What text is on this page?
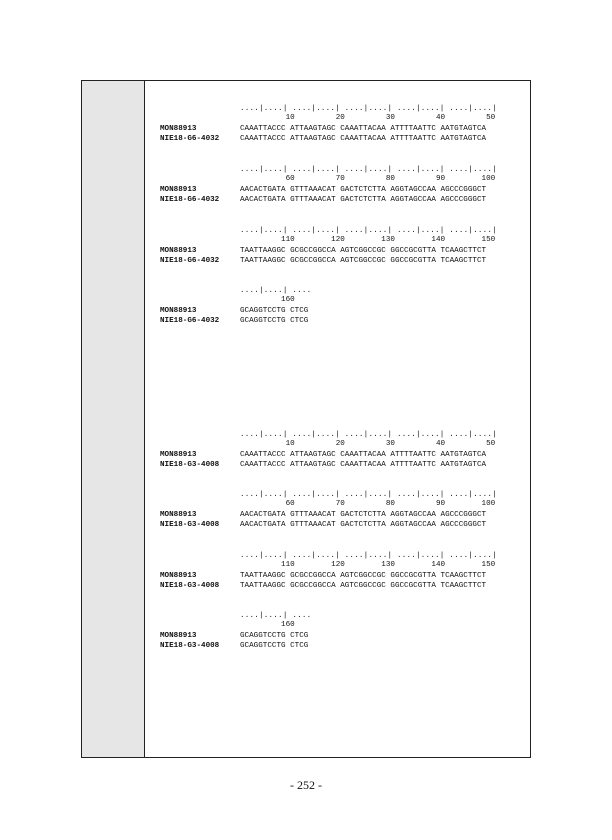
....|....| ....|....| ....|....| ....|....| ....|....|
10         20         30         40         50
MON88913	CAAATTACCC ATTAAGTAGC CAAATTACAA ATTTTAATTC AATGTAGTCA
NIE18-G6-4032	CAAATTACCC ATTAAGTAGC CAAATTACAA ATTTTAATTC AATGTAGTCA
....|....| ....|....| ....|....| ....|....| ....|....|
60         70         80         90        100
MON88913	AACACTGATA GTTTAAACAT GACTCTCTTA AGGTAGCCAA AGCCCGGGCT
NIE18-G6-4032	AACACTGATA GTTTAAACAT GACTCTCTTA AGGTAGCCAA AGCCCGGGCT
....|....| ....|....| ....|....| ....|....| ....|....|
110        120        130        140        150
MON88913	TAATTAAGGC GCGCCGGCCA AGTCGGCCGC GGCCGCGTTA TCAAGCTTCT
NIE18-G6-4032	TAATTAAGGC GCGCCGGCCA AGTCGGCCGC GGCCGCGTTA TCAAGCTTCT
....|....| ....
160
MON88913	GCAGGTCCTG CTCG
NIE18-G6-4032	GCAGGTCCTG CTCG
....|....| ....|....| ....|....| ....|....| ....|....|
10         20         30         40         50
MON88913	CAAATTACCC ATTAAGTAGC CAAATTACAA ATTTTAATTC AATGTAGTCA
NIE18-G3-4008	CAAATTACCC ATTAAGTAGC CAAATTACAA ATTTTAATTC AATGTAGTCA
....|....| ....|....| ....|....| ....|....| ....|....|
60         70         80         90        100
MON88913	AACACTGATA GTTTAAACAT GACTCTCTTA AGGTAGCCAA AGCCCGGGCT
NIE18-G3-4008	AACACTGATA GTTTAAACAT GACTCTCTTA AGGTAGCCAA AGCCCGGGCT
....|....| ....|....| ....|....| ....|....| ....|....|
110        120        130        140        150
MON88913	TAATTAAGGC GCGCCGGCCA AGTCGGCCGC GGCCGCGTTA TCAAGCTTCT
NIE18-G3-4008	TAATTAAGGC GCGCCGGCCA AGTCGGCCGC GGCCGCGTTA TCAAGCTTCT
....|....| ....
160
MON88913	GCAGGTCCTG CTCG
NIE18-G3-4008	GCAGGTCCTG CTCG
- 252 -
